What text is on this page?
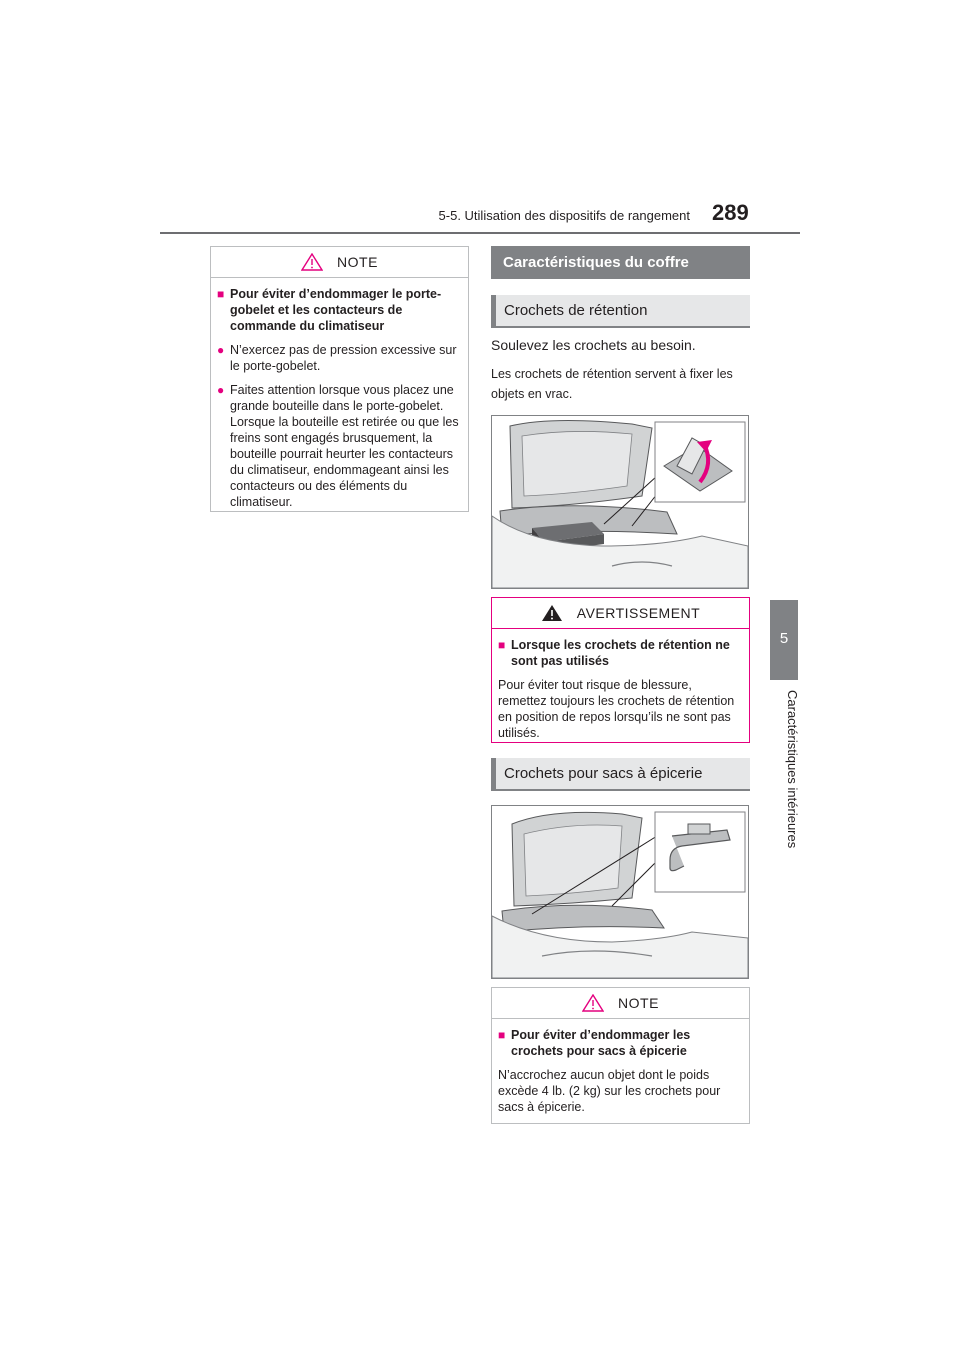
5-5. Utilisation des dispositifs de rangement 289
5
Caractéristiques intérieures
NOTE
■ Pour éviter d’endommager le porte-gobelet et les contacteurs de commande du climatiseur
● N’exercez pas de pression excessive sur le porte-gobelet.
● Faites attention lorsque vous placez une grande bouteille dans le porte-gobelet. Lorsque la bouteille est retirée ou que les freins sont engagés brusquement, la bouteille pourrait heurter les contacteurs du climatiseur, endommageant ainsi les contacteurs ou des éléments du climatiseur.
Caractéristiques du coffre
Crochets de rétention
Soulevez les crochets au besoin.
Les crochets de rétention servent à fixer les objets en vrac.
AVERTISSEMENT
■ Lorsque les crochets de rétention ne sont pas utilisés

Pour éviter tout risque de blessure, remettez toujours les crochets de rétention en position de repos lorsqu’ils ne sont pas utilisés.

Crochets pour sacs à épicerie
NOTE
■ Pour éviter d’endommager les crochets pour sacs à épicerie

N’accrochez aucun objet dont le poids excède 4 lb. (2 kg) sur les crochets pour sacs à épicerie.
